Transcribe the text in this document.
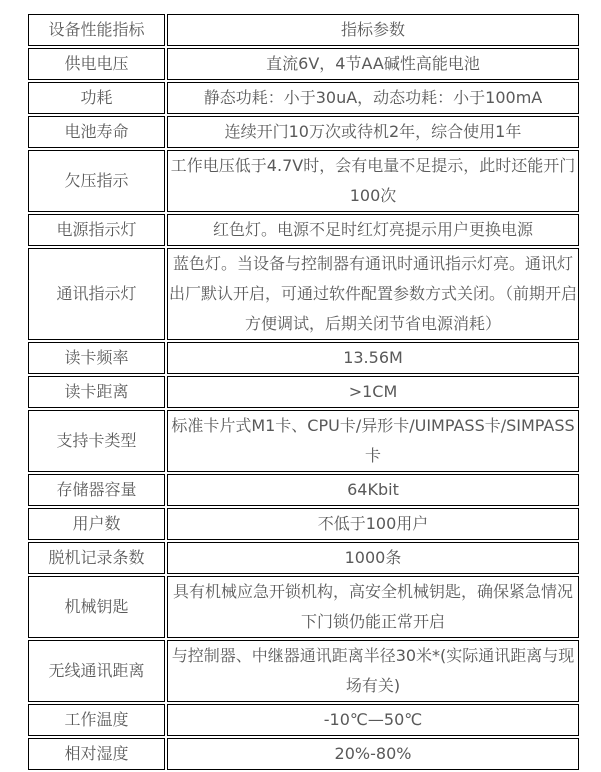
设备性能指标	指标参数
供电电压	直流6V，4节AA碱性高能电池
功耗	静态功耗：小于30uA，动态功耗：小于100mA
电池寿命	连续开门10万次或待机2年，综合使用1年
欠压指示	工作电压低于4.7V时，会有电量不足提示，此时还能开门100次
电源指示灯	红色灯。电源不足时红灯亮提示用户更换电源
通讯指示灯	蓝色灯。当设备与控制器有通讯时通讯指示灯亮。通讯灯出厂默认开启，可通过软件配置参数方式关闭。（前期开启方便调试，后期关闭节省电源消耗）
读卡频率	13.56M
读卡距离	>1CM
支持卡类型	标准卡片式M1卡、CPU卡/异形卡/UIMPASS卡/SIMPASS卡
存储器容量	64Kbit
用户数	不低于100用户
脱机记录条数	1000条
机械钥匙	具有机械应急开锁机构，高安全机械钥匙，确保紧急情况下门锁仍能正常开启
无线通讯距离	与控制器、中继器通讯距离半径30米*(实际通讯距离与现场有关)
工作温度	-10℃—50℃
相对湿度	20%-80%
